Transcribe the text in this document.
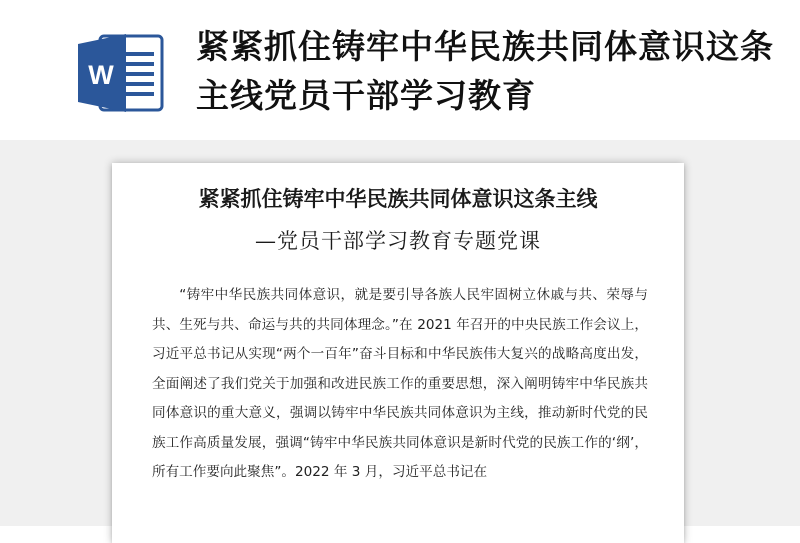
W
紧紧抓住铸牢中华民族共同体意识这条主线党员干部学习教育
紧紧抓住铸牢中华民族共同体意识这条主线

—党员干部学习教育专题党课

“铸牢中华民族共同体意识，就是要引导各族人民牢固树立休戚与共、荣辱与共、生死与共、命运与共的共同体理念。”在 2021 年召开的中央民族工作会议上，习近平总书记从实现“两个一百年”奋斗目标和中华民族伟大复兴的战略高度出发，全面阐述了我们党关于加强和改进民族工作的重要思想，深入阐明铸牢中华民族共同体意识的重大意义，强调以铸牢中华民族共同体意识为主线，推动新时代党的民族工作高质量发展，强调“铸牢中华民族共同体意识是新时代党的民族工作的‘纲’，所有工作要向此聚焦”。2022 年 3 月，习近平总书记在
